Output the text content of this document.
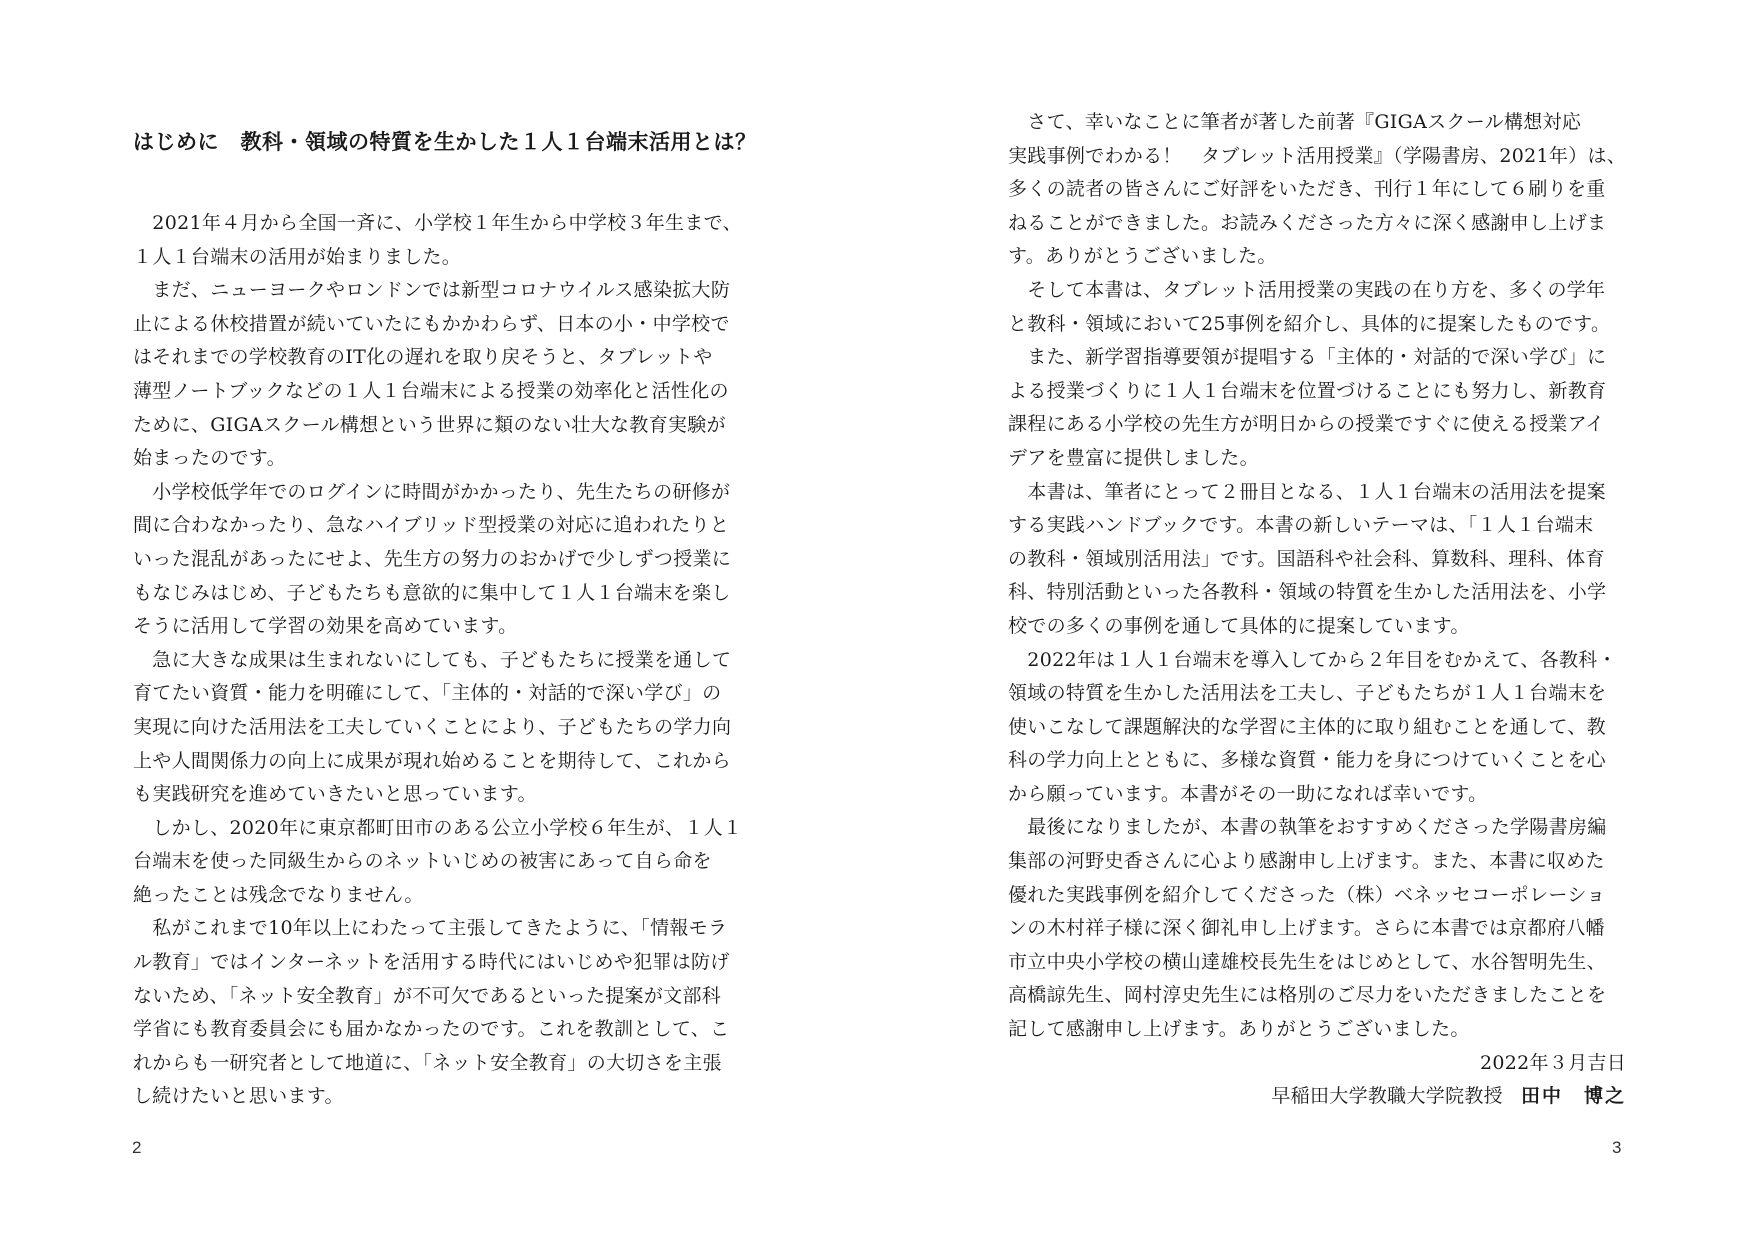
はじめに　教科・領域の特質を生かした１人１台端末活用とは？
　2021年４月から全国一斉に、小学校１年生から中学校３年生まで、
１人１台端末の活用が始まりました。
　まだ、ニューヨークやロンドンでは新型コロナウイルス感染拡大防
止による休校措置が続いていたにもかかわらず、日本の小・中学校で
はそれまでの学校教育のIT化の遅れを取り戻そうと、タブレットや
薄型ノートブックなどの１人１台端末による授業の効率化と活性化の
ために、GIGAスクール構想という世界に類のない壮大な教育実験が
始まったのです。
　小学校低学年でのログインに時間がかかったり、先生たちの研修が
間に合わなかったり、急なハイブリッド型授業の対応に追われたりと
いった混乱があったにせよ、先生方の努力のおかげで少しずつ授業に
もなじみはじめ、子どもたちも意欲的に集中して１人１台端末を楽し
そうに活用して学習の効果を高めています。
　急に大きな成果は生まれないにしても、子どもたちに授業を通して
育てたい資質・能力を明確にして、「主体的・対話的で深い学び」の
実現に向けた活用法を工夫していくことにより、子どもたちの学力向
上や人間関係力の向上に成果が現れ始めることを期待して、これから
も実践研究を進めていきたいと思っています。
　しかし、2020年に東京都町田市のある公立小学校６年生が、１人１
台端末を使った同級生からのネットいじめの被害にあって自ら命を
絶ったことは残念でなりません。
　私がこれまで10年以上にわたって主張してきたように、「情報モラ
ル教育」ではインターネットを活用する時代にはいじめや犯罪は防げ
ないため、「ネット安全教育」が不可欠であるといった提案が文部科
学省にも教育委員会にも届かなかったのです。これを教訓として、こ
れからも一研究者として地道に、「ネット安全教育」の大切さを主張
し続けたいと思います。
2
　さて、幸いなことに筆者が著した前著『GIGAスクール構想対応
実践事例でわかる！　タブレット活用授業』（学陽書房、2021年）は、
多くの読者の皆さんにご好評をいただき、刊行１年にして６刷りを重
ねることができました。お読みくださった方々に深く感謝申し上げま
す。ありがとうございました。
　そして本書は、タブレット活用授業の実践の在り方を、多くの学年
と教科・領域において25事例を紹介し、具体的に提案したものです。
　また、新学習指導要領が提唱する「主体的・対話的で深い学び」に
よる授業づくりに１人１台端末を位置づけることにも努力し、新教育
課程にある小学校の先生方が明日からの授業ですぐに使える授業アイ
デアを豊富に提供しました。
　本書は、筆者にとって２冊目となる、１人１台端末の活用法を提案
する実践ハンドブックです。本書の新しいテーマは、「１人１台端末
の教科・領域別活用法」です。国語科や社会科、算数科、理科、体育
科、特別活動といった各教科・領域の特質を生かした活用法を、小学
校での多くの事例を通して具体的に提案しています。
　2022年は１人１台端末を導入してから２年目をむかえて、各教科・
領域の特質を生かした活用法を工夫し、子どもたちが１人１台端末を
使いこなして課題解決的な学習に主体的に取り組むことを通して、教
科の学力向上とともに、多様な資質・能力を身につけていくことを心
から願っています。本書がその一助になれば幸いです。
　最後になりましたが、本書の執筆をおすすめくださった学陽書房編
集部の河野史香さんに心より感謝申し上げます。また、本書に収めた
優れた実践事例を紹介してくださった（株）ベネッセコーポレーショ
ンの木村祥子様に深く御礼申し上げます。さらに本書では京都府八幡
市立中央小学校の横山達雄校長先生をはじめとして、水谷智明先生、
高橋諒先生、岡村淳史先生には格別のご尽力をいただきましたことを
記して感謝申し上げます。ありがとうございました。
2022年３月吉日
早稲田大学教職大学院教授 田中　博之
3
